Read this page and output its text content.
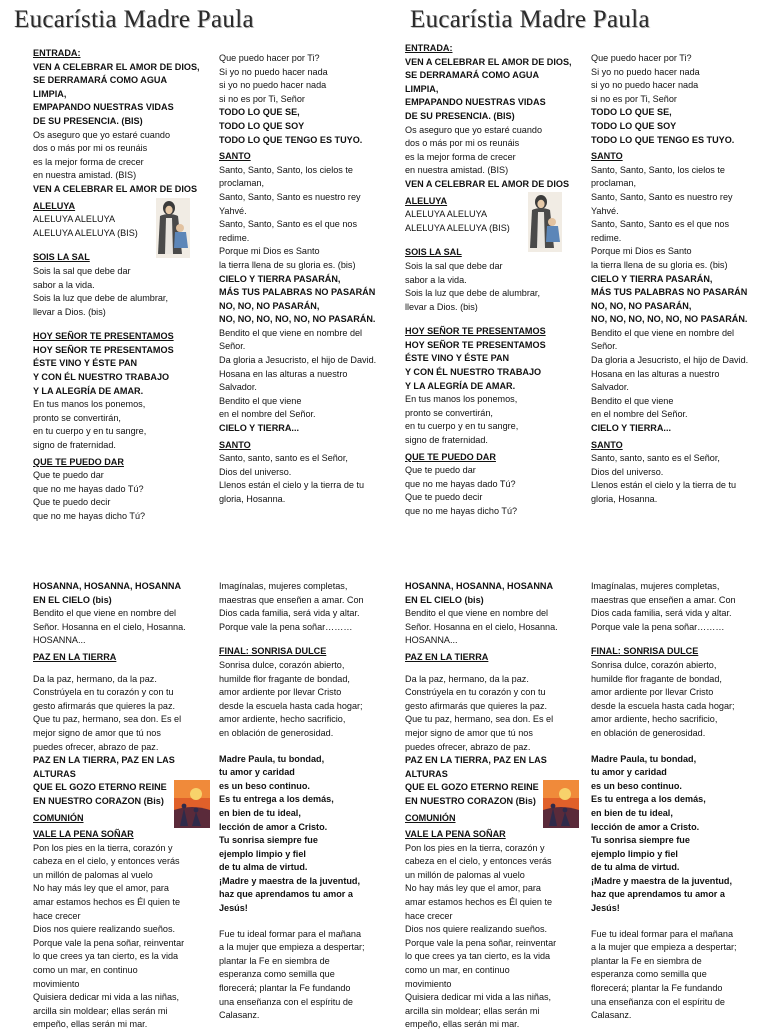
Eucarístia Madre Paula	Eucarístia Madre Paula

ENTRADA:

VEN A CELEBRAR EL AMOR DE DIOS,

SE DERRAMARÁ COMO AGUA

LIMPIA,

EMPAPANDO NUESTRAS VIDAS

DE SU PRESENCIA. (BIS)

Os aseguro que yo estaré cuando

dos o más por mi os reunáis

es la mejor forma de crecer

en nuestra amistad. (BIS)

VEN A CELEBRAR EL AMOR DE DIOS

ALELUYA

ALELUYA ALELUYA

ALELUYA ALELUYA (BIS)

SOIS LA SAL

Sois la sal que debe dar

sabor a la vida.

Sois la luz que debe de alumbrar,

llevar a Dios. (bis)

HOY SEÑOR TE PRESENTAMOS

HOY SEÑOR TE PRESENTAMOS

ÉSTE VINO Y ÉSTE PAN

Y CON ÉL NUESTRO TRABAJO

Y LA ALEGRÍA DE AMAR.

En tus manos los ponemos,

pronto se convertirán,

en tu cuerpo y en tu sangre,

signo de fraternidad.

QUE TE PUEDO DAR

Que te puedo dar

que no me hayas dado Tú?

Que te puedo decir

que no me hayas dicho Tú?

Que puedo hacer por Ti?

Si yo no puedo hacer nada

si yo no puedo hacer nada

si no es por Ti, Señor

TODO LO QUE SE,

TODO LO QUE SOY

TODO LO QUE TENGO ES TUYO.

SANTO

Santo, Santo, Santo, los cielos te

proclaman,

Santo, Santo, Santo es nuestro rey

Yahvé.

Santo, Santo, Santo es el que nos

redime.

Porque mi Dios es Santo

la tierra llena de su gloria es. (bis)

CIELO Y TIERRA PASARÁN,

MÁS TUS PALABRAS NO PASARÁN

NO, NO, NO PASARÁN,

NO, NO, NO, NO, NO, NO PASARÁN.

Bendito el que viene en nombre del

Señor.

Da gloria a Jesucristo, el hijo de David.

Hosana en las alturas a nuestro

Salvador.

Bendito el que viene

en el nombre del Señor.

CIELO Y TIERRA...

SANTO

Santo, santo, santo es el Señor,

Dios del universo.

Llenos están el cielo y la tierra de tu

gloria, Hosanna.

ENTRADA:

VEN A CELEBRAR EL AMOR DE DIOS,

SE DERRAMARÁ COMO AGUA

LIMPIA,

EMPAPANDO NUESTRAS VIDAS

DE SU PRESENCIA. (BIS)

Os aseguro que yo estaré cuando

dos o más por mi os reunáis

es la mejor forma de crecer

en nuestra amistad. (BIS)

VEN A CELEBRAR EL AMOR DE DIOS

ALELUYA

ALELUYA ALELUYA

ALELUYA ALELUYA (BIS)

SOIS LA SAL

Sois la sal que debe dar

sabor a la vida.

Sois la luz que debe de alumbrar,

llevar a Dios. (bis)

HOY SEÑOR TE PRESENTAMOS

HOY SEÑOR TE PRESENTAMOS

ÉSTE VINO Y ÉSTE PAN

Y CON ÉL NUESTRO TRABAJO

Y LA ALEGRÍA DE AMAR.

En tus manos los ponemos,

pronto se convertirán,

en tu cuerpo y en tu sangre,

signo de fraternidad.

QUE TE PUEDO DAR

Que te puedo dar

que no me hayas dado Tú?

Que te puedo decir

que no me hayas dicho Tú?

Que puedo hacer por Ti?

Si yo no puedo hacer nada

si yo no puedo hacer nada

si no es por Ti, Señor

TODO LO QUE SE,

TODO LO QUE SOY

TODO LO QUE TENGO ES TUYO.

SANTO

Santo, Santo, Santo, los cielos te

proclaman,

Santo, Santo, Santo es nuestro rey

Yahvé.

Santo, Santo, Santo es el que nos

redime.

Porque mi Dios es Santo

la tierra llena de su gloria es. (bis)

CIELO Y TIERRA PASARÁN,

MÁS TUS PALABRAS NO PASARÁN

NO, NO, NO PASARÁN,

NO, NO, NO, NO, NO, NO PASARÁN.

Bendito el que viene en nombre del

Señor.

Da gloria a Jesucristo, el hijo de David.

Hosana en las alturas a nuestro

Salvador.

Bendito el que viene

en el nombre del Señor.

CIELO Y TIERRA...

SANTO

Santo, santo, santo es el Señor,

Dios del universo.

Llenos están el cielo y la tierra de tu

gloria, Hosanna.

HOSANNA, HOSANNA, HOSANNA

EN EL CIELO (bis)

Bendito el que viene en nombre del

Señor. Hosanna en el cielo, Hosanna.

HOSANNA...

PAZ EN LA TIERRA

Da la paz, hermano, da la paz.

Constrúyela en tu corazón y con tu

gesto afirmarás que quieres la paz.

Que tu paz, hermano, sea don. Es el

mejor signo de amor que tú nos

puedes ofrecer, abrazo de paz.

PAZ EN LA TIERRA, PAZ EN LAS

ALTURAS

QUE EL GOZO ETERNO REINE

EN NUESTRO CORAZON (Bis)

COMUNIÓN

VALE LA PENA SOÑAR

Pon los pies en la tierra, corazón y

cabeza en el cielo, y entonces verás

un millón de palomas al vuelo

No hay más ley que el amor, para

amar estamos hechos es Él quien te

hace crecer

Dios nos quiere realizando sueños.

Porque vale la pena soñar, reinventar

lo que crees ya tan cierto, es la vida

como un mar, en continuo

movimiento

Quisiera dedicar mi vida a las niñas,

arcilla sin moldear; ellas serán mi

empeño, ellas serán mi mar.

Imagínalas, mujeres completas,

maestras que enseñen a amar. Con

Dios cada familia, será vida y altar.

Porque vale la pena soñar………

FINAL: SONRISA DULCE

Sonrisa dulce, corazón abierto,

humilde flor fragante de bondad,

amor ardiente por llevar Cristo

desde la escuela hasta cada hogar;

amor ardiente, hecho sacrificio,

en oblación de generosidad.

Madre Paula, tu bondad,

tu amor y caridad

es un beso continuo.

Es tu entrega a los demás,

en bien de tu ideal,

lección de amor a Cristo.

Tu sonrisa siempre fue

ejemplo limpio y fiel

de tu alma de virtud.

¡Madre y maestra de la juventud,

haz que aprendamos tu amor a

Jesús!

Fue tu ideal formar para el mañana

a la mujer que empieza a despertar;

plantar la Fe en siembra de

esperanza como semilla que

florecerá; plantar la Fe fundando

una enseñanza con el espíritu de

Calasanz.

HOSANNA, HOSANNA, HOSANNA

EN EL CIELO (bis)

Bendito el que viene en nombre del

Señor. Hosanna en el cielo, Hosanna.

HOSANNA...

PAZ EN LA TIERRA

Da la paz, hermano, da la paz.

Constrúyela en tu corazón y con tu

gesto afirmarás que quieres la paz.

Que tu paz, hermano, sea don. Es el

mejor signo de amor que tú nos

puedes ofrecer, abrazo de paz.

PAZ EN LA TIERRA, PAZ EN LAS

ALTURAS

QUE EL GOZO ETERNO REINE

EN NUESTRO CORAZON (Bis)

COMUNIÓN

VALE LA PENA SOÑAR

Pon los pies en la tierra, corazón y

cabeza en el cielo, y entonces verás

un millón de palomas al vuelo

No hay más ley que el amor, para

amar estamos hechos es Él quien te

hace crecer

Dios nos quiere realizando sueños.

Porque vale la pena soñar, reinventar

lo que crees ya tan cierto, es la vida

como un mar, en continuo

movimiento

Quisiera dedicar mi vida a las niñas,

arcilla sin moldear; ellas serán mi

empeño, ellas serán mi mar.

Imagínalas, mujeres completas,

maestras que enseñen a amar. Con

Dios cada familia, será vida y altar.

Porque vale la pena soñar………

FINAL: SONRISA DULCE

Sonrisa dulce, corazón abierto,

humilde flor fragante de bondad,

amor ardiente por llevar Cristo

desde la escuela hasta cada hogar;

amor ardiente, hecho sacrificio,

en oblación de generosidad.

Madre Paula, tu bondad,

tu amor y caridad

es un beso continuo.

Es tu entrega a los demás,

en bien de tu ideal,

lección de amor a Cristo.

Tu sonrisa siempre fue

ejemplo limpio y fiel

de tu alma de virtud.

¡Madre y maestra de la juventud,

haz que aprendamos tu amor a

Jesús!

Fue tu ideal formar para el mañana

a la mujer que empieza a despertar;

plantar la Fe en siembra de

esperanza como semilla que

florecerá; plantar la Fe fundando

una enseñanza con el espíritu de

Calasanz.
